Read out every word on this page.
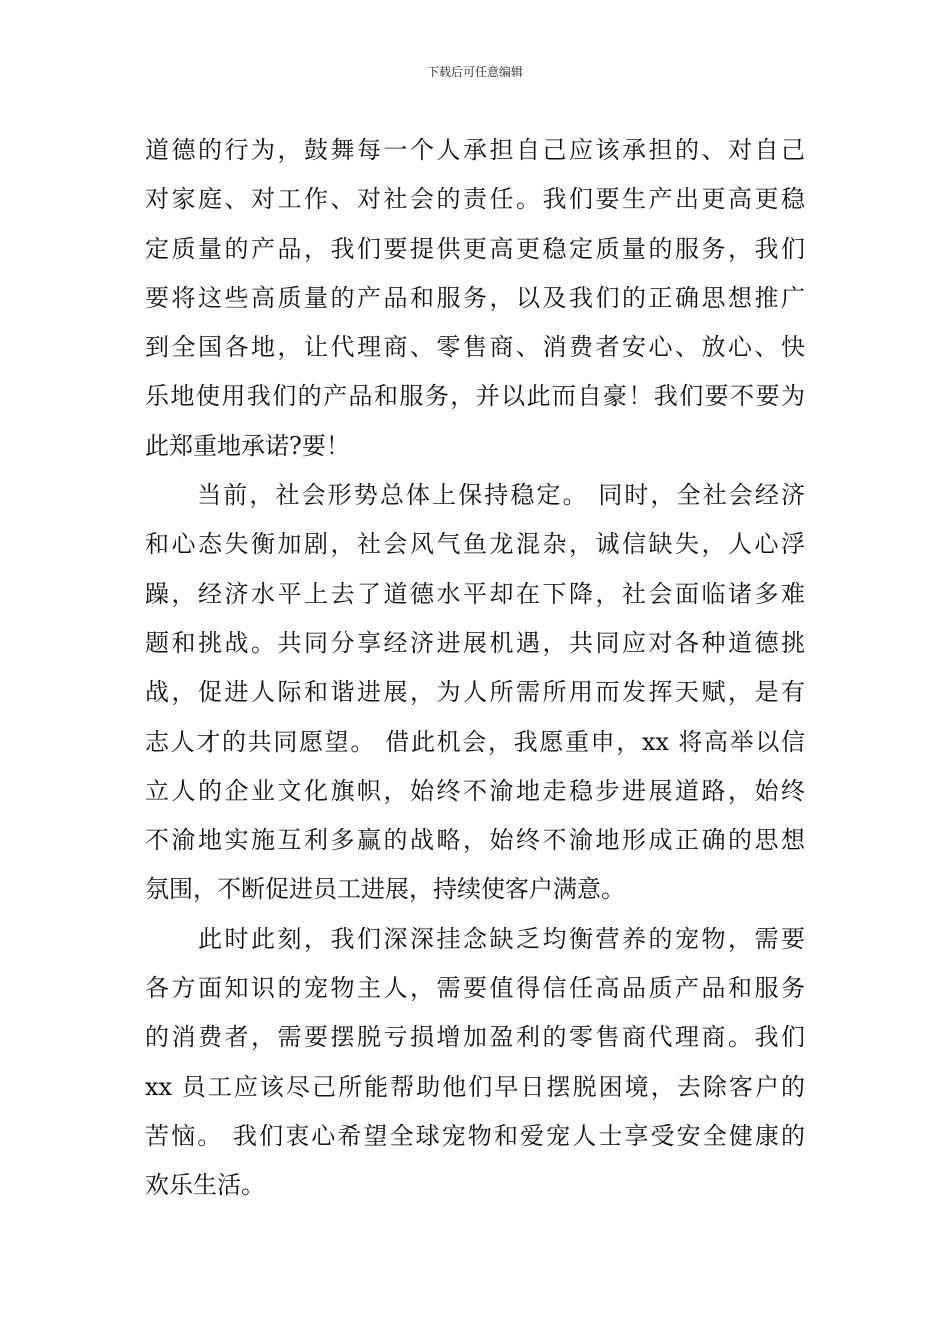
下载后可任意编辑
道德的行为，鼓舞每一个人承担自己应该承担的、对自己
对家庭、对工作、对社会的责任。我们要生产出更高更稳
定质量的产品，我们要提供更高更稳定质量的服务，我们
要将这些高质量的产品和服务，以及我们的正确思想推广
到全国各地，让代理商、零售商、消费者安心、放心、快
乐地使用我们的产品和服务，并以此而自豪！我们要不要为
此郑重地承诺?要！
　　当前，社会形势总体上保持稳定。 同时，全社会经济
和心态失衡加剧，社会风气鱼龙混杂，诚信缺失，人心浮
躁，经济水平上去了道德水平却在下降，社会面临诸多难
题和挑战。共同分享经济进展机遇，共同应对各种道德挑
战，促进人际和谐进展，为人所需所用而发挥天赋，是有
志人才的共同愿望。 借此机会，我愿重申，xx 将高举以信
立人的企业文化旗帜，始终不渝地走稳步进展道路，始终
不渝地实施互利多赢的战略，始终不渝地形成正确的思想
氛围，不断促进员工进展，持续使客户满意。
　　此时此刻，我们深深挂念缺乏均衡营养的宠物，需要
各方面知识的宠物主人，需要值得信任高品质产品和服务
的消费者，需要摆脱亏损增加盈利的零售商代理商。我们
xx 员工应该尽己所能帮助他们早日摆脱困境，去除客户的
苦恼。 我们衷心希望全球宠物和爱宠人士享受安全健康的
欢乐生活。
